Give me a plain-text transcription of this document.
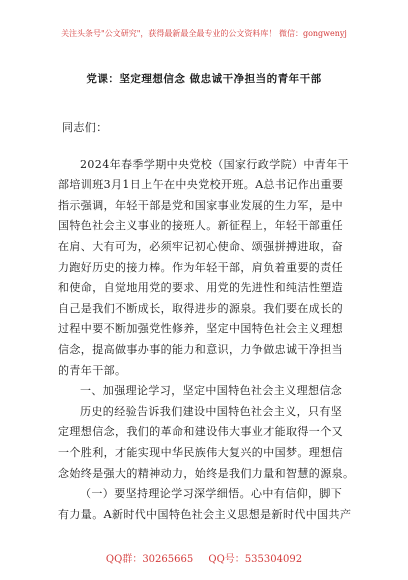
关注头条号"公文研究"，获得最新最全最专业的公文资料库！ 微信：gongwenyj
党课：坚定理想信念 做忠诚干净担当的青年干部
同志们：
2024年春季学期中央党校（国家行政学院）中青年干
部培训班3月1日上午在中央党校开班。A总书记作出重要
指示强调，年轻干部是党和国家事业发展的生力军，是中
国特色社会主义事业的接班人。新征程上，年轻干部重任
在肩、大有可为，必须牢记初心使命、颂强拼搏进取，奋
力跑好历史的接力棒。作为年轻干部，肩负着重要的责任
和使命，自觉地用党的要求、用党的先进性和纯洁性塑造
自己是我们不断成长，取得进步的源泉。我们要在成长的
过程中要不断加强党性修养，坚定中国特色社会主义理想
信念，提高做事办事的能力和意识，力争做忠诚干净担当
的青年干部。
一、加强理论学习，坚定中国特色社会主义理想信念
历史的经验告诉我们建设中国特色社会主义，只有坚
定理想信念，我们的革命和建设伟大事业才能取得一个又
一个胜利，才能实现中华民族伟大复兴的中国梦。理想信
念始终是强大的精神动力，始终是我们力量和智慧的源泉。
（一）要坚持理论学习深学细悟。心中有信仰，脚下
有力量。A新时代中国特色社会主义思想是新时代中国共产
QQ群：30265665 QQ号：535304092
